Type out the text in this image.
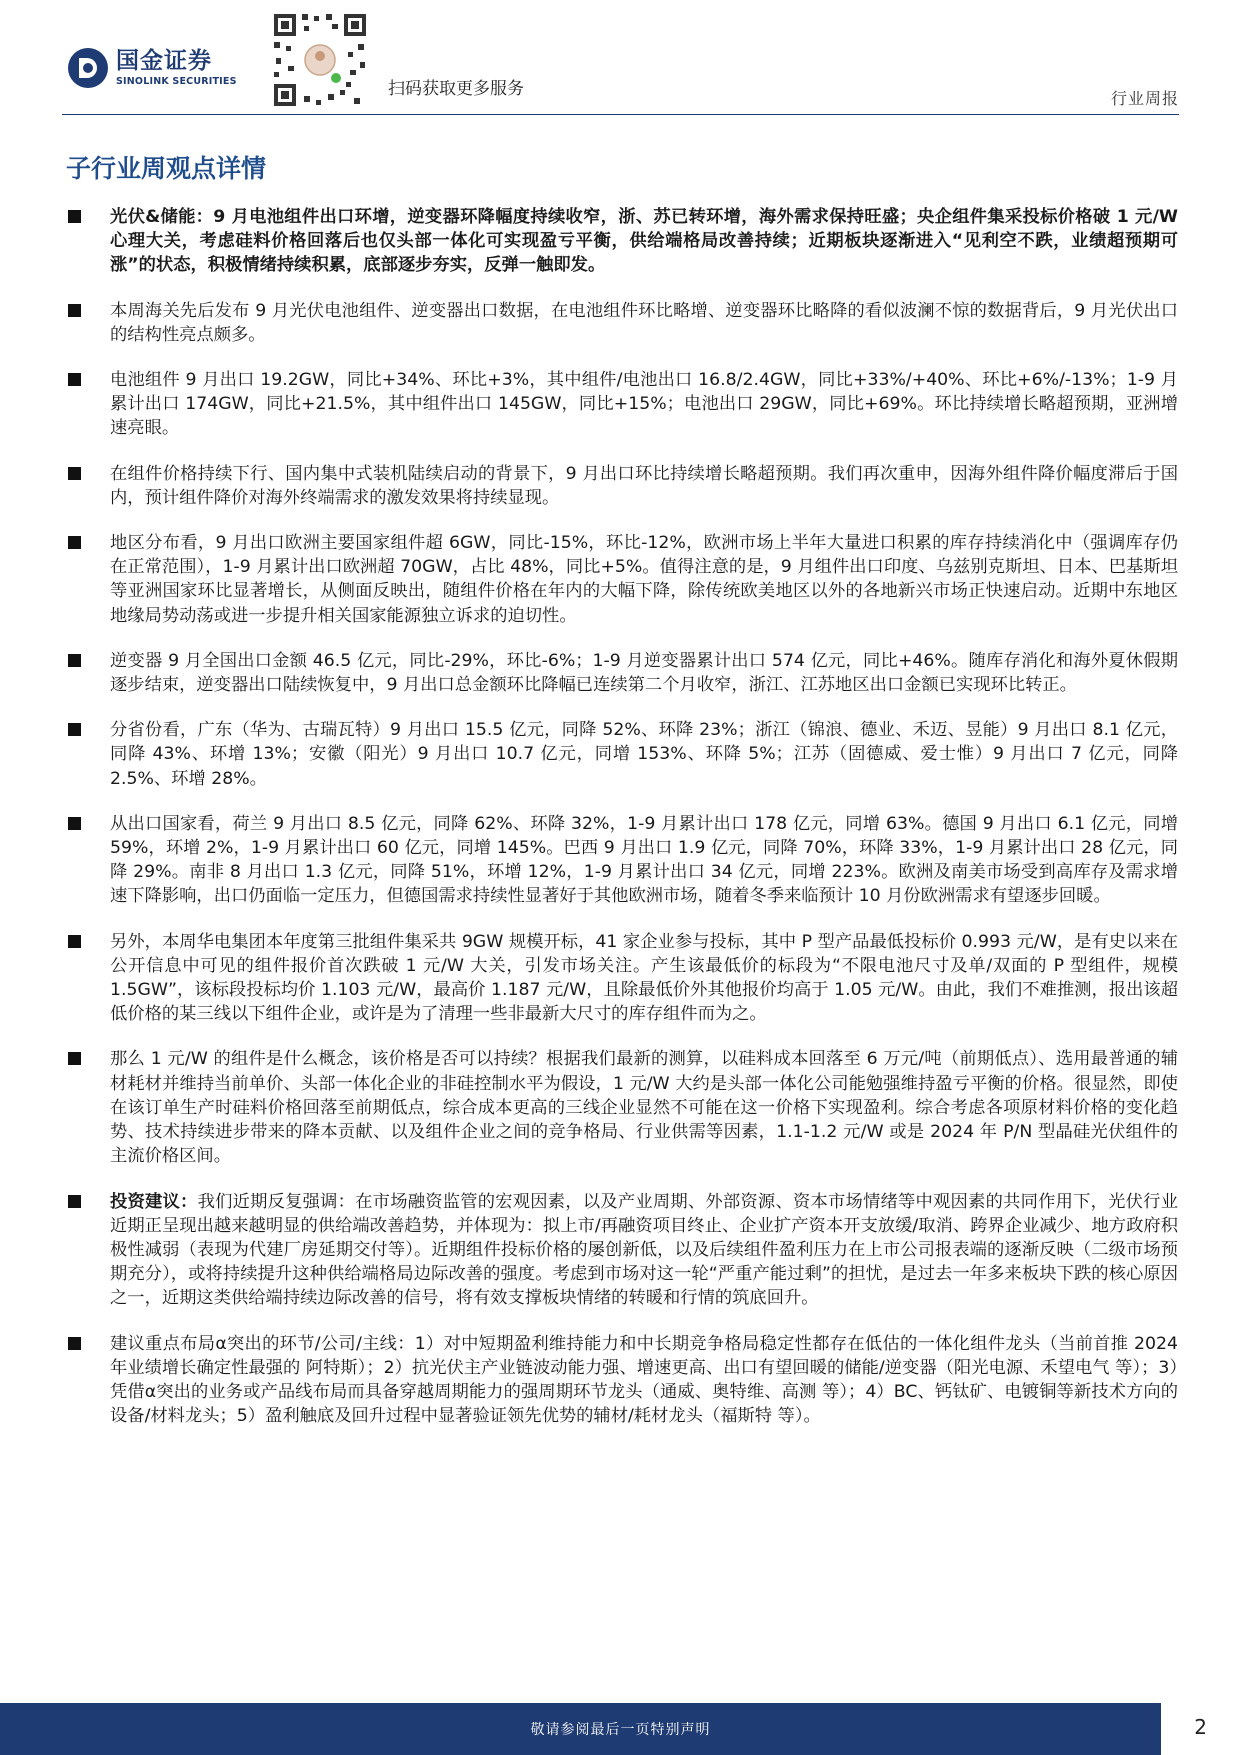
国金证券
SINOLINK SECURITIES	扫码获取更多服务	行业周报
子行业周观点详情

光伏&储能：9 月电池组件出口环增，逆变器环降幅度持续收窄，浙、苏已转环增，海外需求保持旺盛；央企组件集采投标价格破 1 元/W 心理大关，考虑硅料价格回落后也仅头部一体化可实现盈亏平衡，供给端格局改善持续；近期板块逐渐进入“见利空不跌，业绩超预期可涨”的状态，积极情绪持续积累，底部逐步夯实，反弹一触即发。

本周海关先后发布 9 月光伏电池组件、逆变器出口数据，在电池组件环比略增、逆变器环比略降的看似波澜不惊的数据背后，9 月光伏出口的结构性亮点颇多。

电池组件 9 月出口 19.2GW，同比+34%、环比+3%，其中组件/电池出口 16.8/2.4GW，同比+33%/+40%、环比+6%/-13%；1-9 月累计出口 174GW，同比+21.5%，其中组件出口 145GW，同比+15%；电池出口 29GW，同比+69%。环比持续增长略超预期，亚洲增速亮眼。

在组件价格持续下行、国内集中式装机陆续启动的背景下，9 月出口环比持续增长略超预期。我们再次重申，因海外组件降价幅度滞后于国内，预计组件降价对海外终端需求的激发效果将持续显现。

地区分布看，9 月出口欧洲主要国家组件超 6GW，同比-15%，环比-12%，欧洲市场上半年大量进口积累的库存持续消化中（强调库存仍在正常范围），1-9 月累计出口欧洲超 70GW，占比 48%，同比+5%。值得注意的是，9 月组件出口印度、乌兹别克斯坦、日本、巴基斯坦等亚洲国家环比显著增长，从侧面反映出，随组件价格在年内的大幅下降，除传统欧美地区以外的各地新兴市场正快速启动。近期中东地区地缘局势动荡或进一步提升相关国家能源独立诉求的迫切性。

逆变器 9 月全国出口金额 46.5 亿元，同比-29%，环比-6%；1-9 月逆变器累计出口 574 亿元，同比+46%。随库存消化和海外夏休假期逐步结束，逆变器出口陆续恢复中，9 月出口总金额环比降幅已连续第二个月收窄，浙江、江苏地区出口金额已实现环比转正。

分省份看，广东（华为、古瑞瓦特）9 月出口 15.5 亿元，同降 52%、环降 23%；浙江（锦浪、德业、禾迈、昱能）9 月出口 8.1 亿元，同降 43%、环增 13%；安徽（阳光）9 月出口 10.7 亿元，同增 153%、环降 5%；江苏（固德威、爱士惟）9 月出口 7 亿元，同降 2.5%、环增 28%。

从出口国家看，荷兰 9 月出口 8.5 亿元，同降 62%、环降 32%，1-9 月累计出口 178 亿元，同增 63%。德国 9 月出口 6.1 亿元，同增 59%，环增 2%，1-9 月累计出口 60 亿元，同增 145%。巴西 9 月出口 1.9 亿元，同降 70%，环降 33%，1-9 月累计出口 28 亿元，同降 29%。南非 8 月出口 1.3 亿元，同降 51%，环增 12%，1-9 月累计出口 34 亿元，同增 223%。欧洲及南美市场受到高库存及需求增速下降影响，出口仍面临一定压力，但德国需求持续性显著好于其他欧洲市场，随着冬季来临预计 10 月份欧洲需求有望逐步回暖。

另外，本周华电集团本年度第三批组件集采共 9GW 规模开标，41 家企业参与投标，其中 P 型产品最低投标价 0.993 元/W，是有史以来在公开信息中可见的组件报价首次跌破 1 元/W 大关，引发市场关注。产生该最低价的标段为“不限电池尺寸及单/双面的 P 型组件，规模 1.5GW”，该标段投标均价 1.103 元/W，最高价 1.187 元/W，且除最低价外其他报价均高于 1.05 元/W。由此，我们不难推测，报出该超低价格的某三线以下组件企业，或许是为了清理一些非最新大尺寸的库存组件而为之。

那么 1 元/W 的组件是什么概念，该价格是否可以持续？根据我们最新的测算，以硅料成本回落至 6 万元/吨（前期低点）、选用最普通的辅材耗材并维持当前单价、头部一体化企业的非硅控制水平为假设，1 元/W 大约是头部一体化公司能勉强维持盈亏平衡的价格。很显然，即使在该订单生产时硅料价格回落至前期低点，综合成本更高的三线企业显然不可能在这一价格下实现盈利。综合考虑各项原材料价格的变化趋势、技术持续进步带来的降本贡献、以及组件企业之间的竞争格局、行业供需等因素，1.1-1.2 元/W 或是 2024 年 P/N 型晶硅光伏组件的主流价格区间。

投资建议：我们近期反复强调：在市场融资监管的宏观因素，以及产业周期、外部资源、资本市场情绪等中观因素的共同作用下，光伏行业近期正呈现出越来越明显的供给端改善趋势，并体现为：拟上市/再融资项目终止、企业扩产资本开支放缓/取消、跨界企业减少、地方政府积极性减弱（表现为代建厂房延期交付等）。近期组件投标价格的屡创新低，以及后续组件盈利压力在上市公司报表端的逐渐反映（二级市场预期充分），或将持续提升这种供给端格局边际改善的强度。考虑到市场对这一轮“严重产能过剩”的担忧，是过去一年多来板块下跌的核心原因之一，近期这类供给端持续边际改善的信号，将有效支撑板块情绪的转暖和行情的筑底回升。

建议重点布局α突出的环节/公司/主线：1）对中短期盈利维持能力和中长期竞争格局稳定性都存在低估的一体化组件龙头（当前首推 2024 年业绩增长确定性最强的 阿特斯）；2）抗光伏主产业链波动能力强、增速更高、出口有望回暖的储能/逆变器（阳光电源、禾望电气 等）；3）凭借α突出的业务或产品线布局而具备穿越周期能力的强周期环节龙头（通威、奥特维、高测 等）；4）BC、钙钛矿、电镀铜等新技术方向的设备/材料龙头；5）盈利触底及回升过程中显著验证领先优势的辅材/耗材龙头（福斯特 等）。

敬请参阅最后一页特别声明	2
